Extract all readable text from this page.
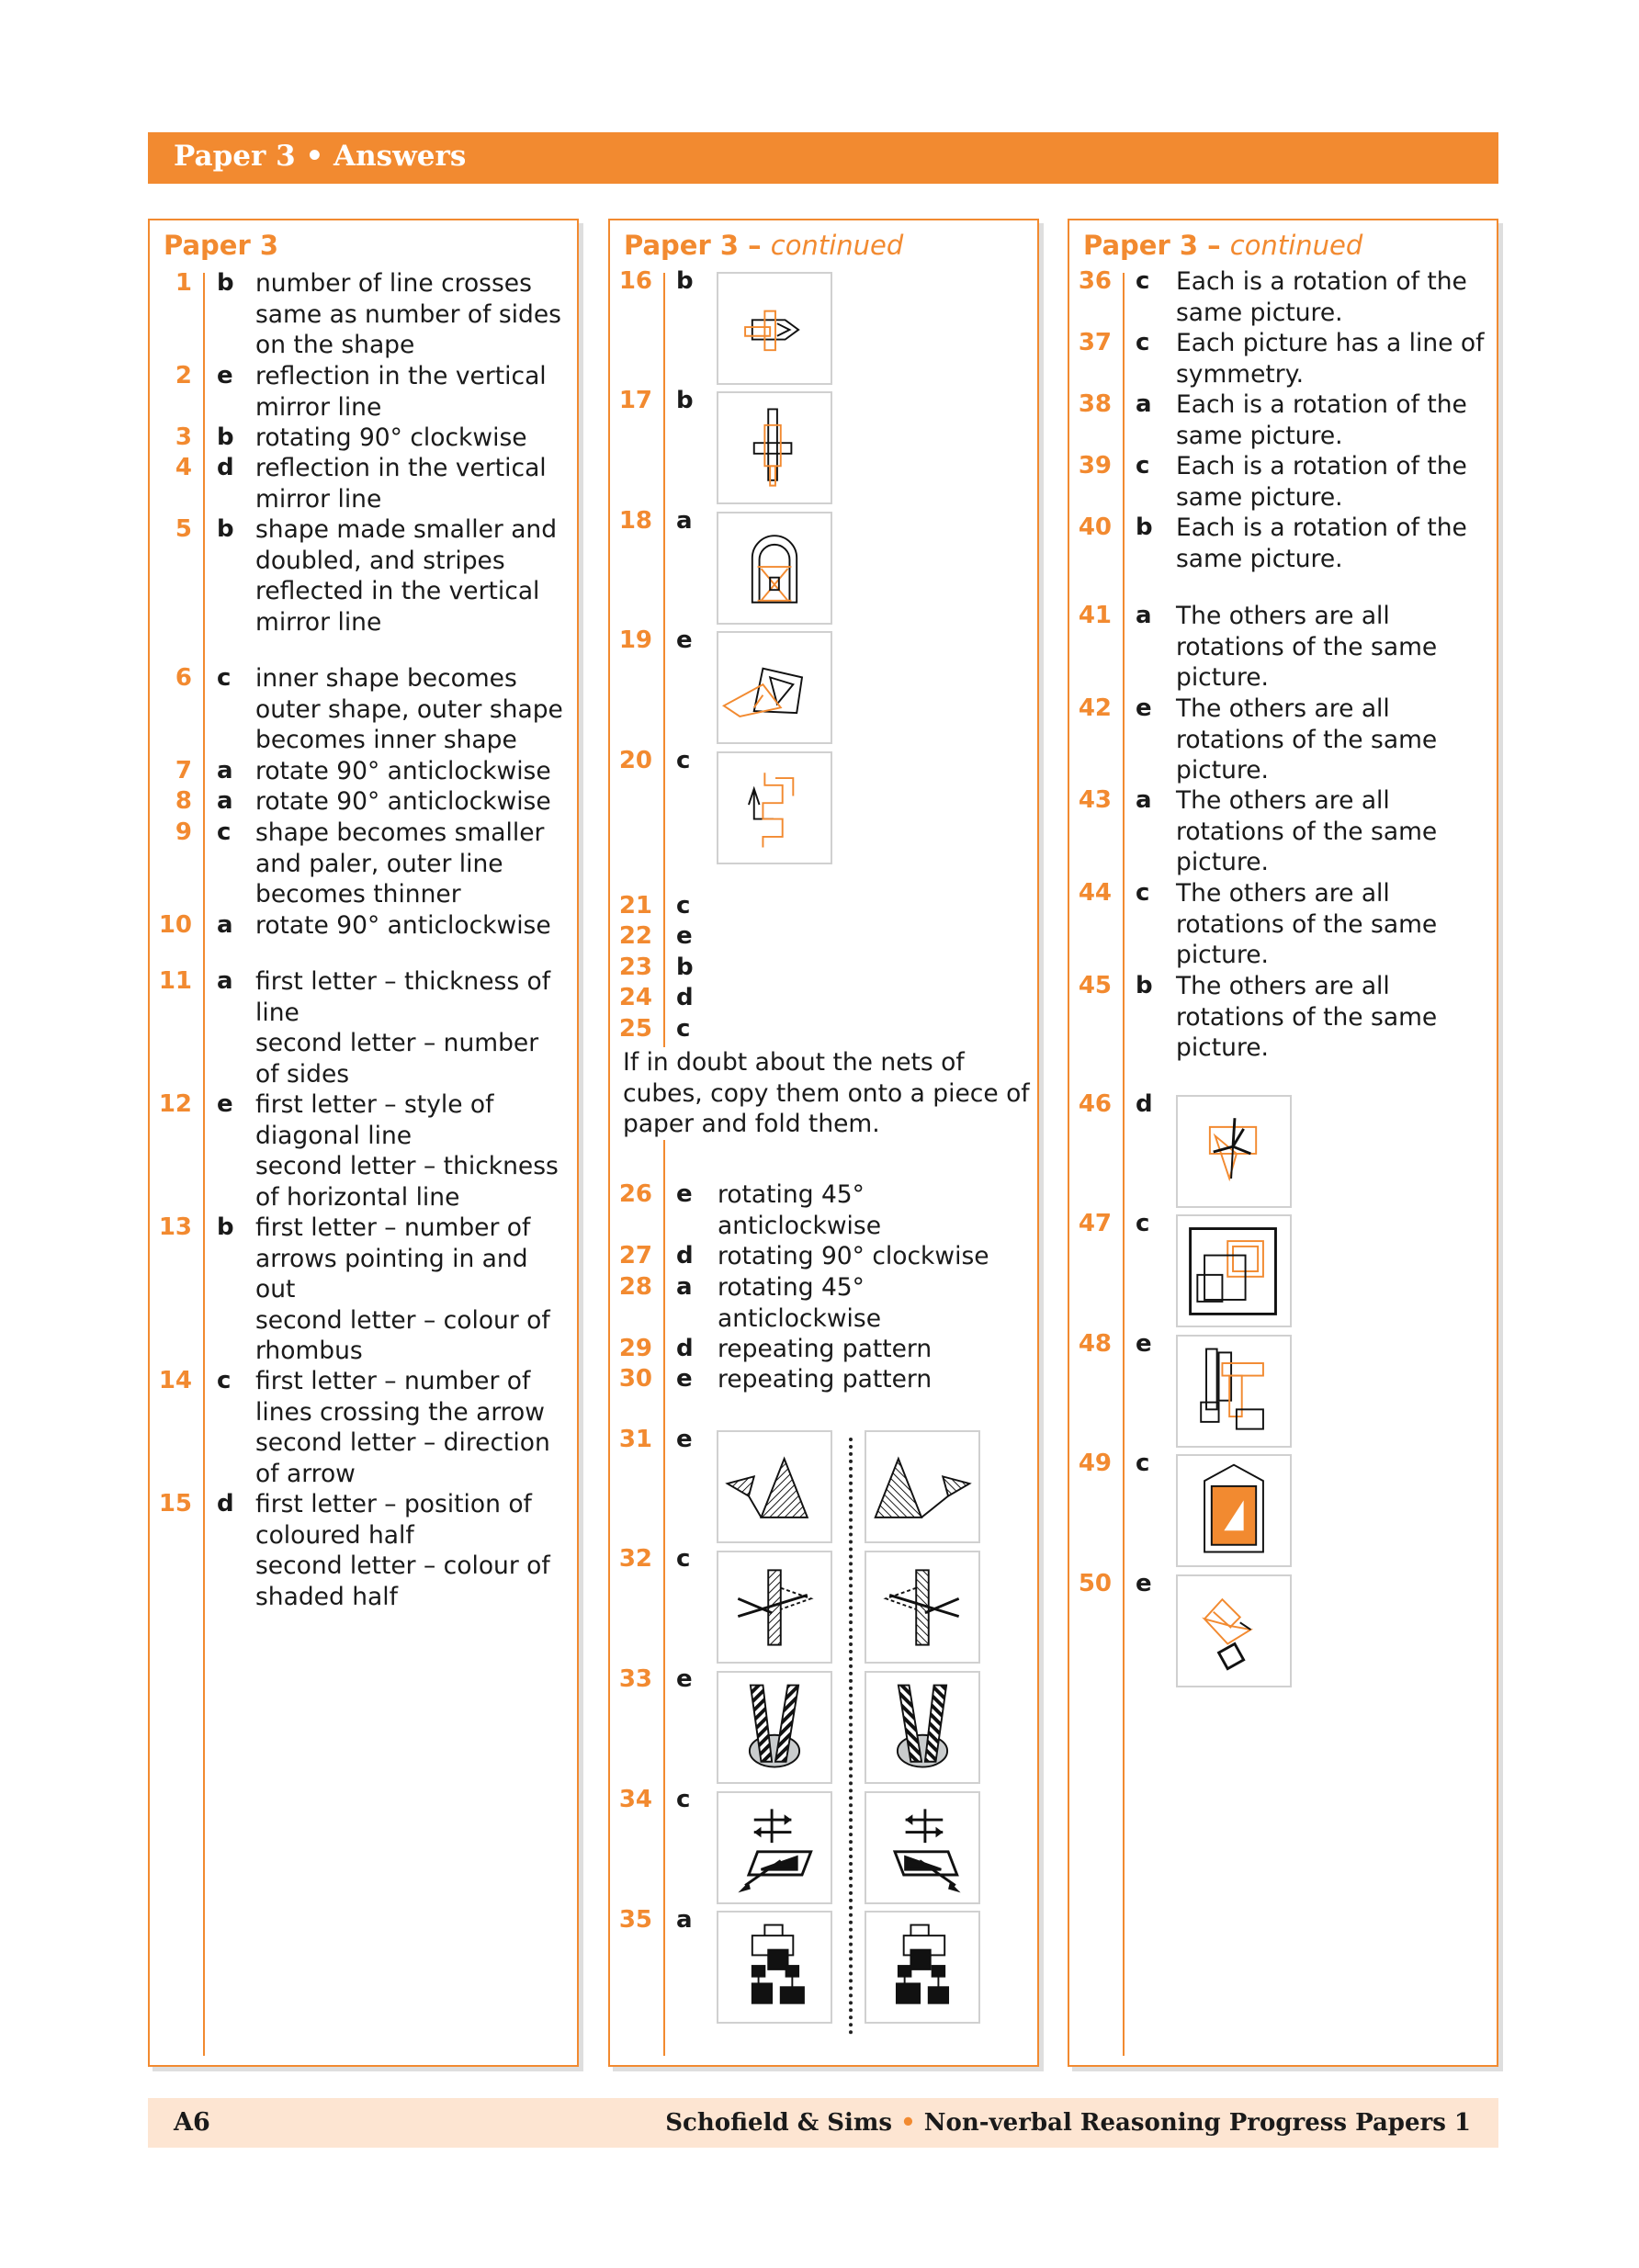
Paper 3 • Answers
Paper 3
1 b number of line crosses
same as number of sides
on the shape
2 e reflection in the vertical
mirror line
3 b rotating 90° clockwise
4 d reflection in the vertical
mirror line
5 b shape made smaller and
doubled, and stripes
reflected in the vertical
mirror line
6 c inner shape becomes
outer shape, outer shape
becomes inner shape
7 a rotate 90° anticlockwise
8 a rotate 90° anticlockwise
9 c shape becomes smaller
and paler, outer line
becomes thinner
10 a rotate 90° anticlockwise
11 a first letter – thickness of
line
second letter – number
of sides
12 e first letter – style of
diagonal line
second letter – thickness
of horizontal line
13 b first letter – number of
arrows pointing in and
out
second letter – colour of
rhombus
14 c first letter – number of
lines crossing the arrow
second letter – direction
of arrow
15 d first letter – position of
coloured half
second letter – colour of
shaded half
Paper 3 – continued
16 b
17 b
18 a
19 e
20 c
21 c
22 e
23 b
24 d
25 c
If in doubt about the nets of
cubes, copy them onto a piece of
paper and fold them.
26 e rotating 45°
anticlockwise
27 d rotating 90° clockwise
28 a rotating 45°
anticlockwise
29 d repeating pattern
30 e repeating pattern
31 e
32 c
33 e
34 c
35 a
Paper 3 – continued
36 c Each is a rotation of the
same picture.
37 c Each picture has a line of
symmetry.
38 a Each is a rotation of the
same picture.
39 c Each is a rotation of the
same picture.
40 b Each is a rotation of the
same picture.
41 a The others are all
rotations of the same
picture.
42 e The others are all
rotations of the same
picture.
43 a The others are all
rotations of the same
picture.
44 c The others are all
rotations of the same
picture.
45 b The others are all
rotations of the same
picture.
46 d
47 c
48 e
49 c
50 e
A6	Schofield & Sims • Non-verbal Reasoning Progress Papers 1
